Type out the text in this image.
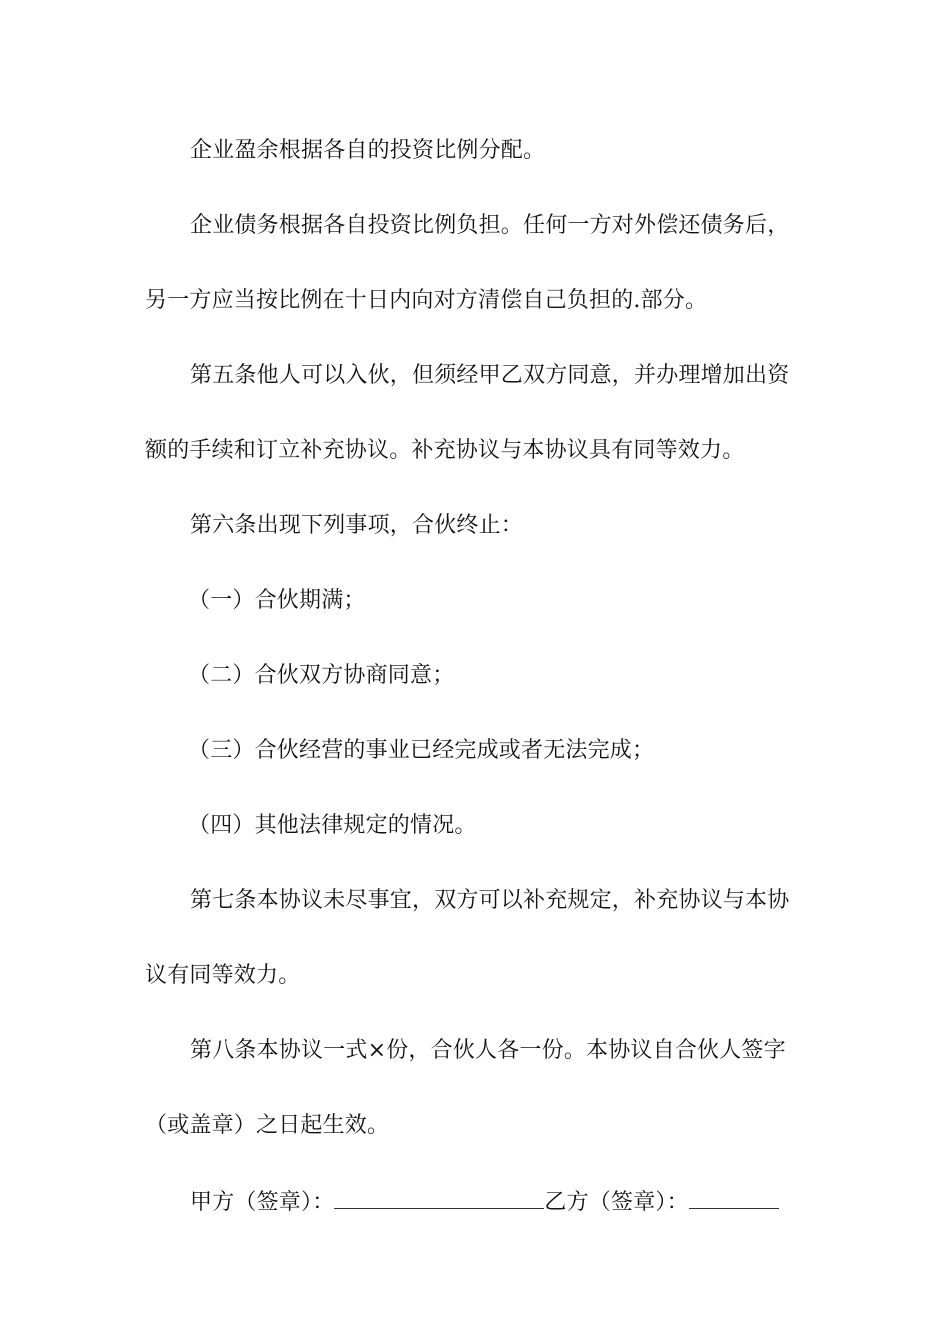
企业盈余根据各自的投资比例分配。
企业债务根据各自投资比例负担。任何一方对外偿还债务后，
另一方应当按比例在十日内向对方清偿自己负担的.部分。
第五条他人可以入伙，但须经甲乙双方同意，并办理增加出资
额的手续和订立补充协议。补充协议与本协议具有同等效力。
第六条出现下列事项，合伙终止：
（一）合伙期满；
（二）合伙双方协商同意；
（三）合伙经营的事业已经完成或者无法完成；
（四）其他法律规定的情况。
第七条本协议未尽事宜，双方可以补充规定，补充协议与本协
议有同等效力。
第八条本协议一式×份，合伙人各一份。本协议自合伙人签字
（或盖章）之日起生效。
甲方（签章）：	乙方（签章）：
